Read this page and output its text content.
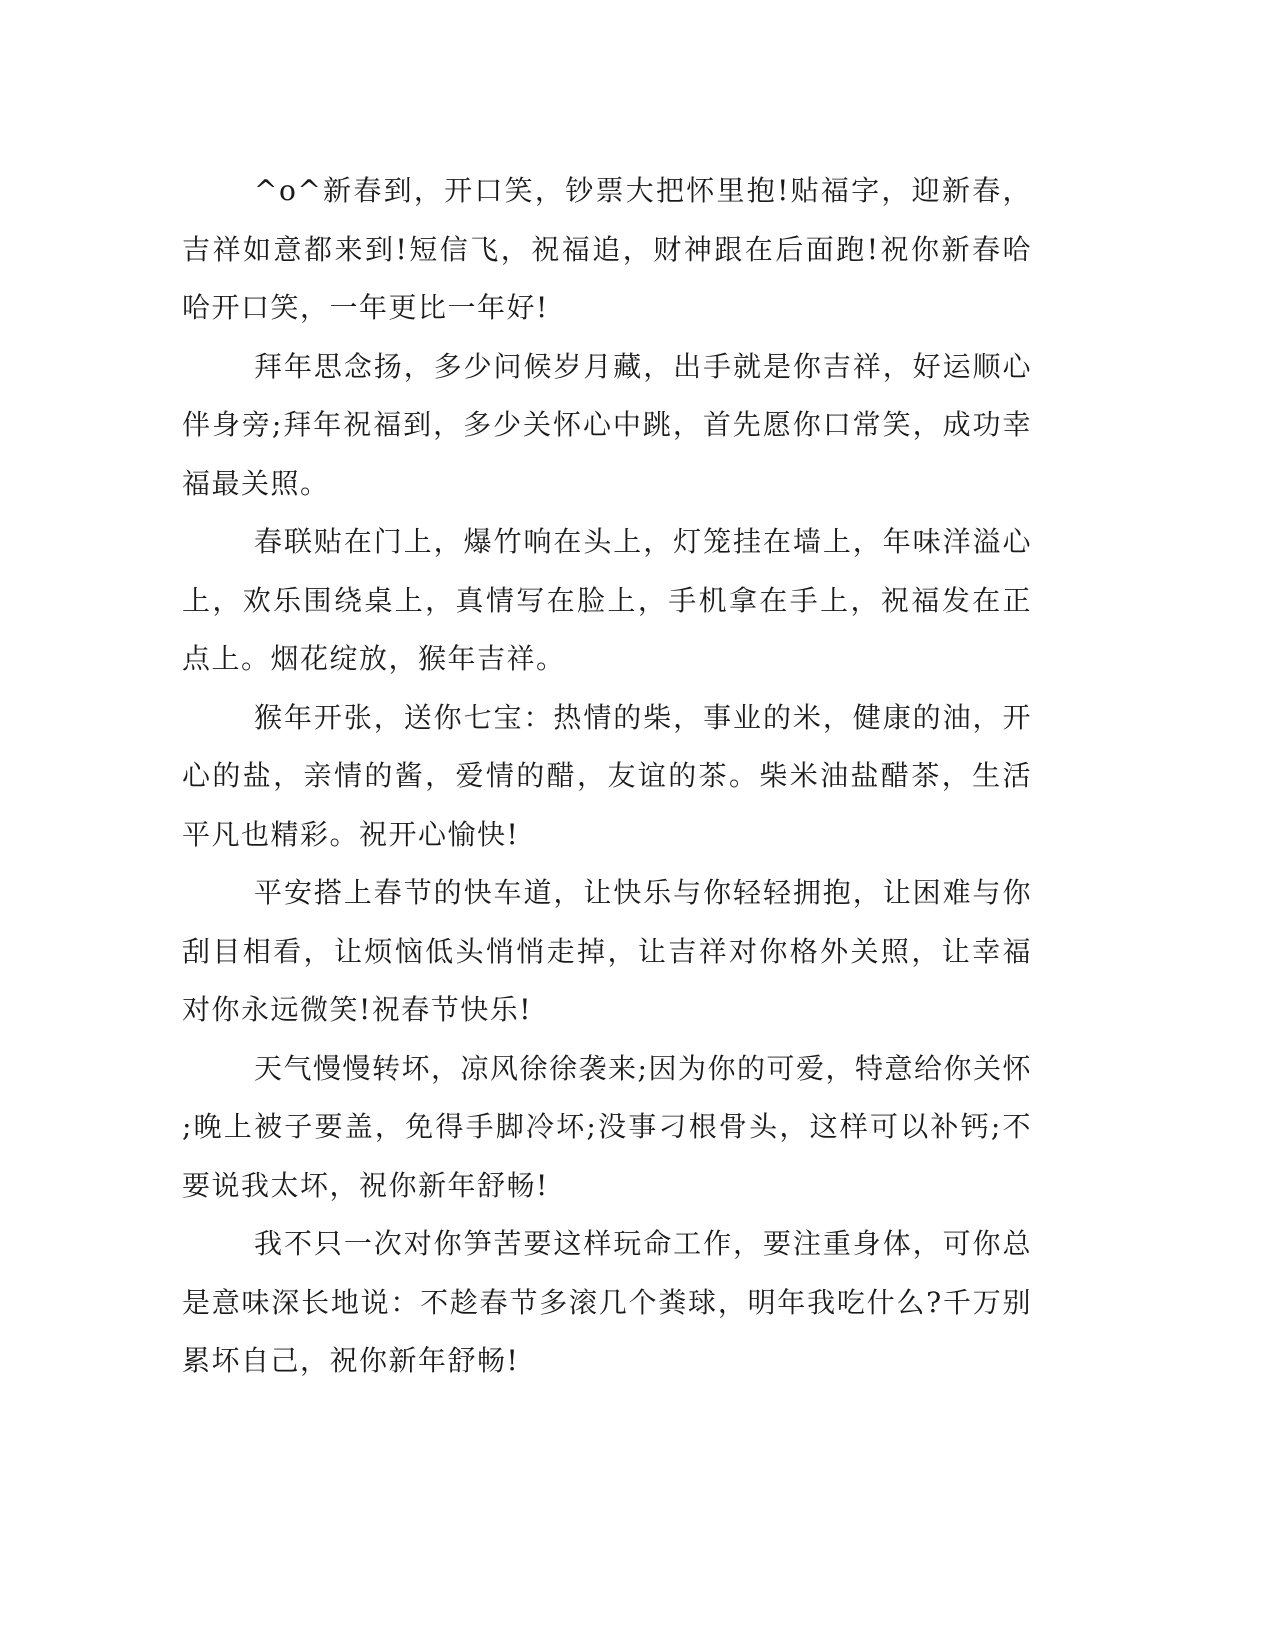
^o^新春到，开口笑，钞票大把怀里抱!贴福字，迎新春，吉祥如意都来到!短信飞，祝福追，财神跟在后面跑!祝你新春哈哈开口笑，一年更比一年好!

拜年思念扬，多少问候岁月藏，出手就是你吉祥，好运顺心伴身旁;拜年祝福到，多少关怀心中跳，首先愿你口常笑，成功幸福最关照。

春联贴在门上，爆竹响在头上，灯笼挂在墙上，年味洋溢心上，欢乐围绕桌上，真情写在脸上，手机拿在手上，祝福发在正点上。烟花绽放，猴年吉祥。

猴年开张，送你七宝：热情的柴，事业的米，健康的油，开心的盐，亲情的酱，爱情的醋，友谊的茶。柴米油盐醋茶，生活平凡也精彩。祝开心愉快!

平安搭上春节的快车道，让快乐与你轻轻拥抱，让困难与你刮目相看，让烦恼低头悄悄走掉，让吉祥对你格外关照，让幸福对你永远微笑!祝春节快乐!

天气慢慢转坏，凉风徐徐袭来;因为你的可爱，特意给你关怀;晚上被子要盖，免得手脚冷坏;没事刁根骨头，这样可以补钙;不要说我太坏，祝你新年舒畅!

我不只一次对你笋苦要这样玩命工作，要注重身体，可你总是意味深长地说：不趁春节多滚几个粪球，明年我吃什么?千万别累坏自己，祝你新年舒畅!
